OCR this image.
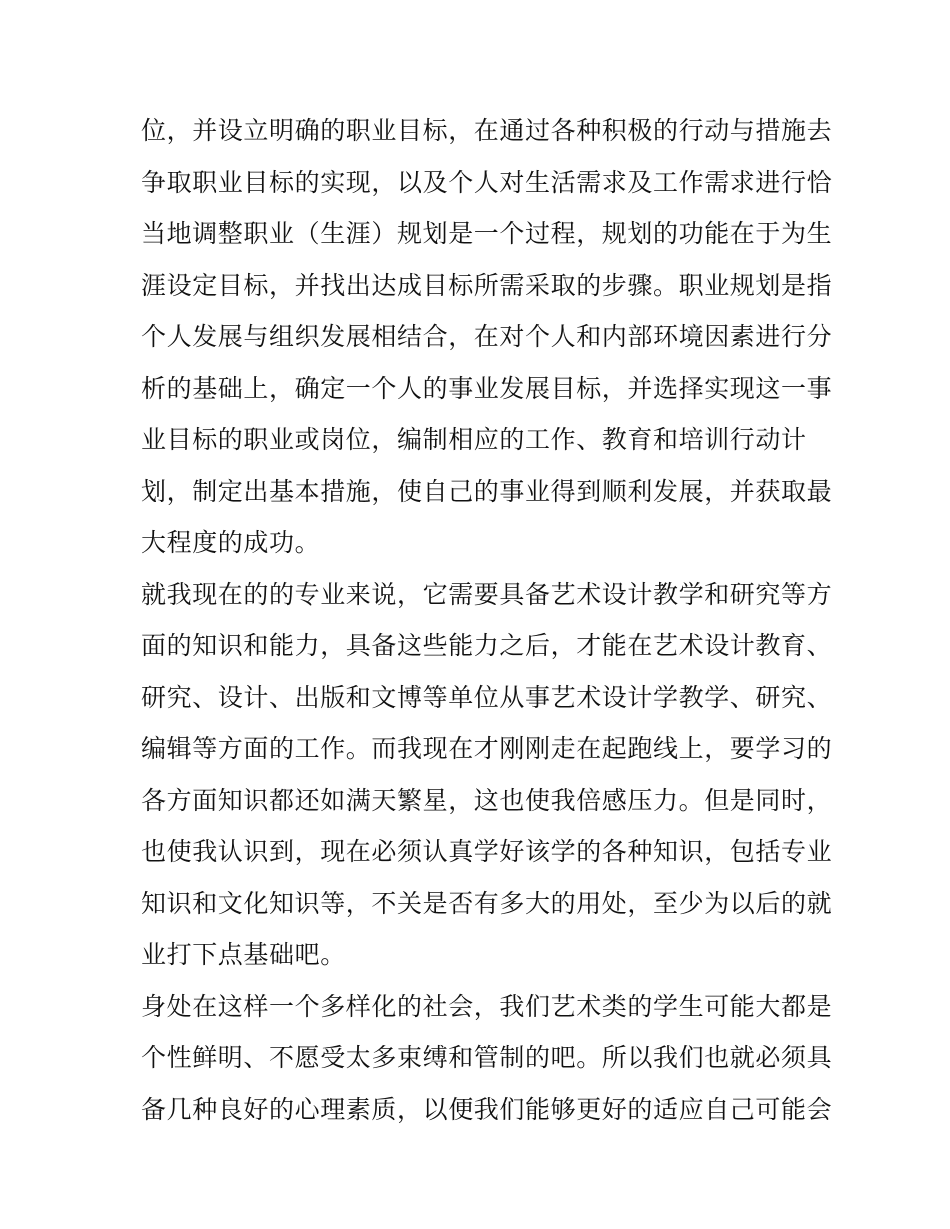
位，并设立明确的职业目标，在通过各种积极的行动与措施去
争取职业目标的实现，以及个人对生活需求及工作需求进行恰
当地调整职业（生涯）规划是一个过程，规划的功能在于为生
涯设定目标，并找出达成目标所需采取的步骤。职业规划是指
个人发展与组织发展相结合，在对个人和内部环境因素进行分
析的基础上，确定一个人的事业发展目标，并选择实现这一事
业目标的职业或岗位，编制相应的工作、教育和培训行动计
划，制定出基本措施，使自己的事业得到顺利发展，并获取最
大程度的成功。
就我现在的的专业来说，它需要具备艺术设计教学和研究等方
面的知识和能力，具备这些能力之后，才能在艺术设计教育、
研究、设计、出版和文博等单位从事艺术设计学教学、研究、
编辑等方面的工作。而我现在才刚刚走在起跑线上，要学习的
各方面知识都还如满天繁星，这也使我倍感压力。但是同时，
也使我认识到，现在必须认真学好该学的各种知识，包括专业
知识和文化知识等，不关是否有多大的用处，至少为以后的就
业打下点基础吧。
身处在这样一个多样化的社会，我们艺术类的学生可能大都是
个性鲜明、不愿受太多束缚和管制的吧。所以我们也就必须具
备几种良好的心理素质，以便我们能够更好的适应自己可能会
